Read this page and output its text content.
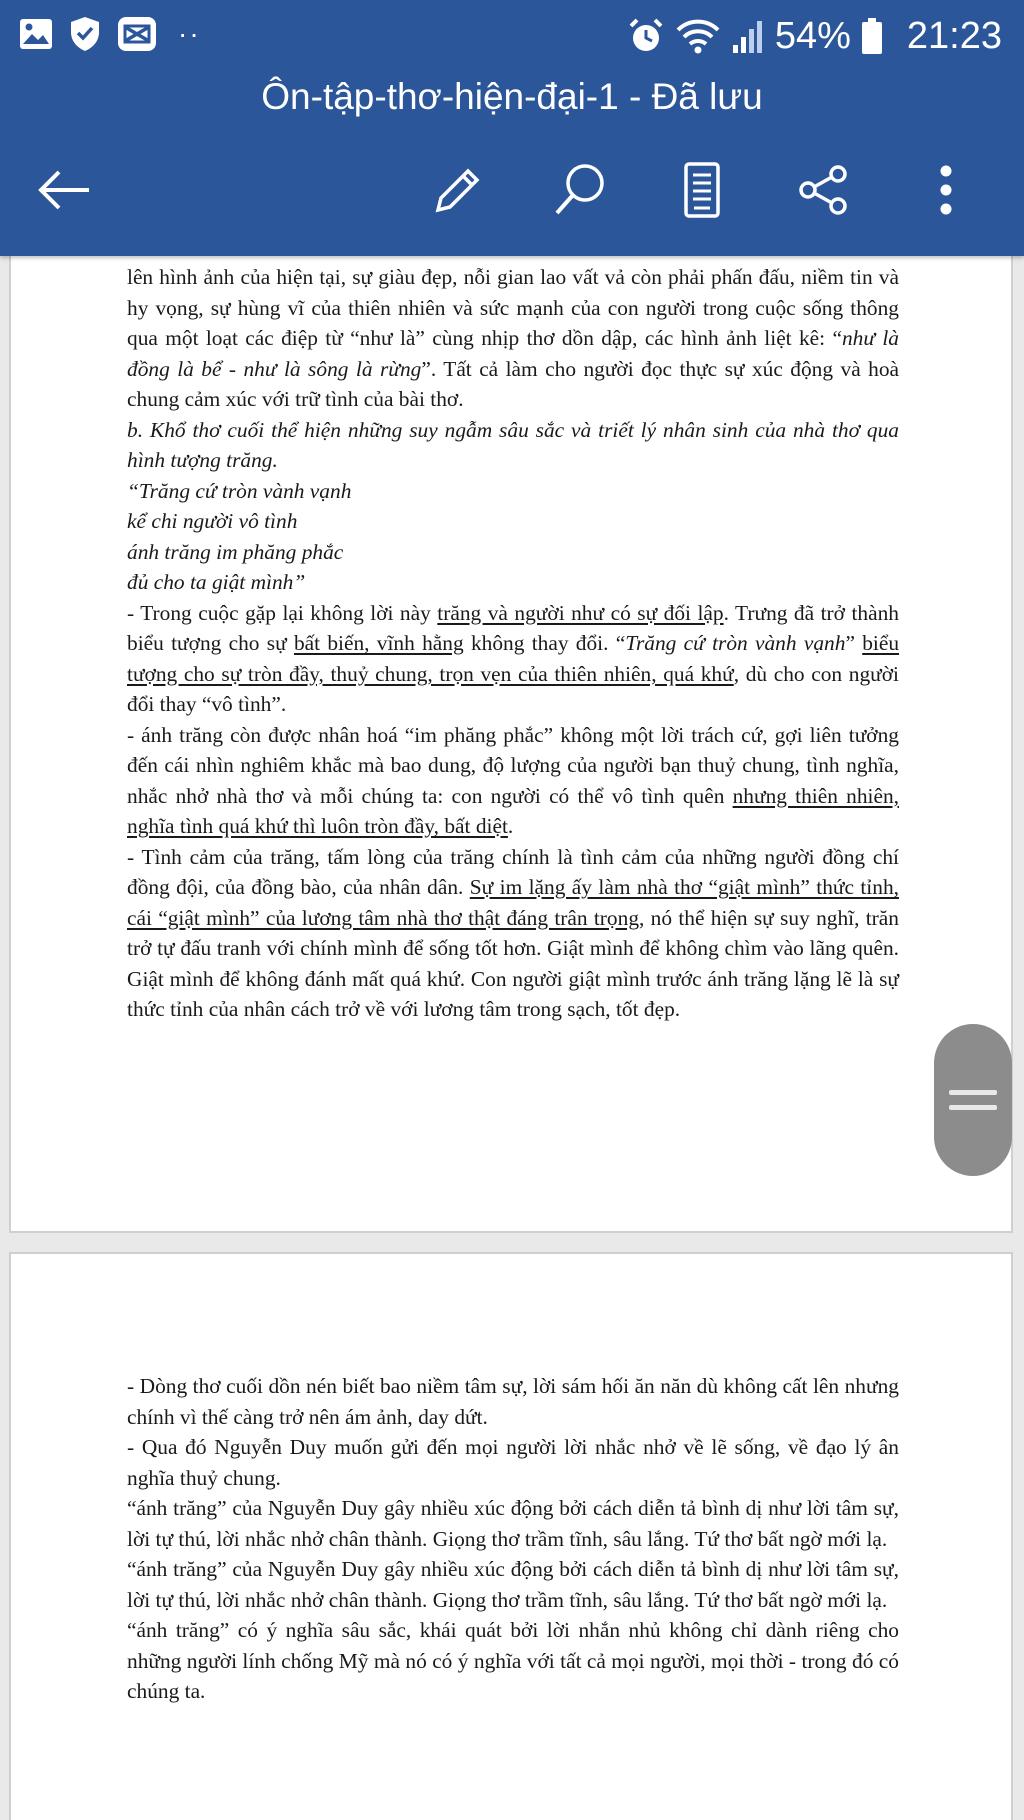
··	54% 21:23
Ôn-tập-thơ-hiện-đại-1 - Đã lưu

lên hình ảnh của hiện tại, sự giàu đẹp, nỗi gian lao vất vả còn phải phấn đấu, niềm tin và hy vọng, sự hùng vĩ của thiên nhiên và sức mạnh của con người trong cuộc sống thông qua một loạt các điệp từ “như là” cùng nhịp thơ dồn dập, các hình ảnh liệt kê: “như là đồng là bể - như là sông là rừng”. Tất cả làm cho người đọc thực sự xúc động và hoà chung cảm xúc với trữ tình của bài thơ.

b. Khổ thơ cuối thể hiện những suy ngẫm sâu sắc và triết lý nhân sinh của nhà thơ qua hình tượng trăng.

“Trăng cứ tròn vành vạnh

kể chi người vô tình

ánh trăng im phăng phắc

đủ cho ta giật mình”

- Trong cuộc gặp lại không lời này trăng và người như có sự đối lập. Trưng đã trở thành biểu tượng cho sự bất biến, vĩnh hằng không thay đổi. “Trăng cứ tròn vành vạnh” biểu tượng cho sự tròn đầy, thuỷ chung, trọn vẹn của thiên nhiên, quá khứ, dù cho con người đổi thay “vô tình”.

- ánh trăng còn được nhân hoá “im phăng phắc” không một lời trách cứ, gợi liên tưởng đến cái nhìn nghiêm khắc mà bao dung, độ lượng của người bạn thuỷ chung, tình nghĩa, nhắc nhở nhà thơ và mỗi chúng ta: con người có thể vô tình quên nhưng thiên nhiên, nghĩa tình quá khứ thì luôn tròn đầy, bất diệt.

- Tình cảm của trăng, tấm lòng của trăng chính là tình cảm của những người đồng chí đồng đội, của đồng bào, của nhân dân. Sự im lặng ấy làm nhà thơ “giật mình” thức tỉnh, cái “giật mình” của lương tâm nhà thơ thật đáng trân trọng, nó thể hiện sự suy nghĩ, trăn trở tự đấu tranh với chính mình để sống tốt hơn. Giật mình để không chìm vào lãng quên. Giật mình để không đánh mất quá khứ. Con người giật mình trước ánh trăng lặng lẽ là sự thức tỉnh của nhân cách trở về với lương tâm trong sạch, tốt đẹp.

- Dòng thơ cuối dồn nén biết bao niềm tâm sự, lời sám hối ăn năn dù không cất lên nhưng chính vì thế càng trở nên ám ảnh, day dứt.

- Qua đó Nguyễn Duy muốn gửi đến mọi người lời nhắc nhở về lẽ sống, về đạo lý ân nghĩa thuỷ chung.

“ánh trăng” của Nguyễn Duy gây nhiều xúc động bởi cách diễn tả bình dị như lời tâm sự, lời tự thú, lời nhắc nhở chân thành. Giọng thơ trầm tĩnh, sâu lắng. Tứ thơ bất ngờ mới lạ.

“ánh trăng” của Nguyễn Duy gây nhiều xúc động bởi cách diễn tả bình dị như lời tâm sự, lời tự thú, lời nhắc nhở chân thành. Giọng thơ trầm tĩnh, sâu lắng. Tứ thơ bất ngờ mới lạ.

“ánh trăng” có ý nghĩa sâu sắc, khái quát bởi lời nhắn nhủ không chỉ dành riêng cho những người lính chống Mỹ mà nó có ý nghĩa với tất cả mọi người, mọi thời - trong đó có chúng ta.
